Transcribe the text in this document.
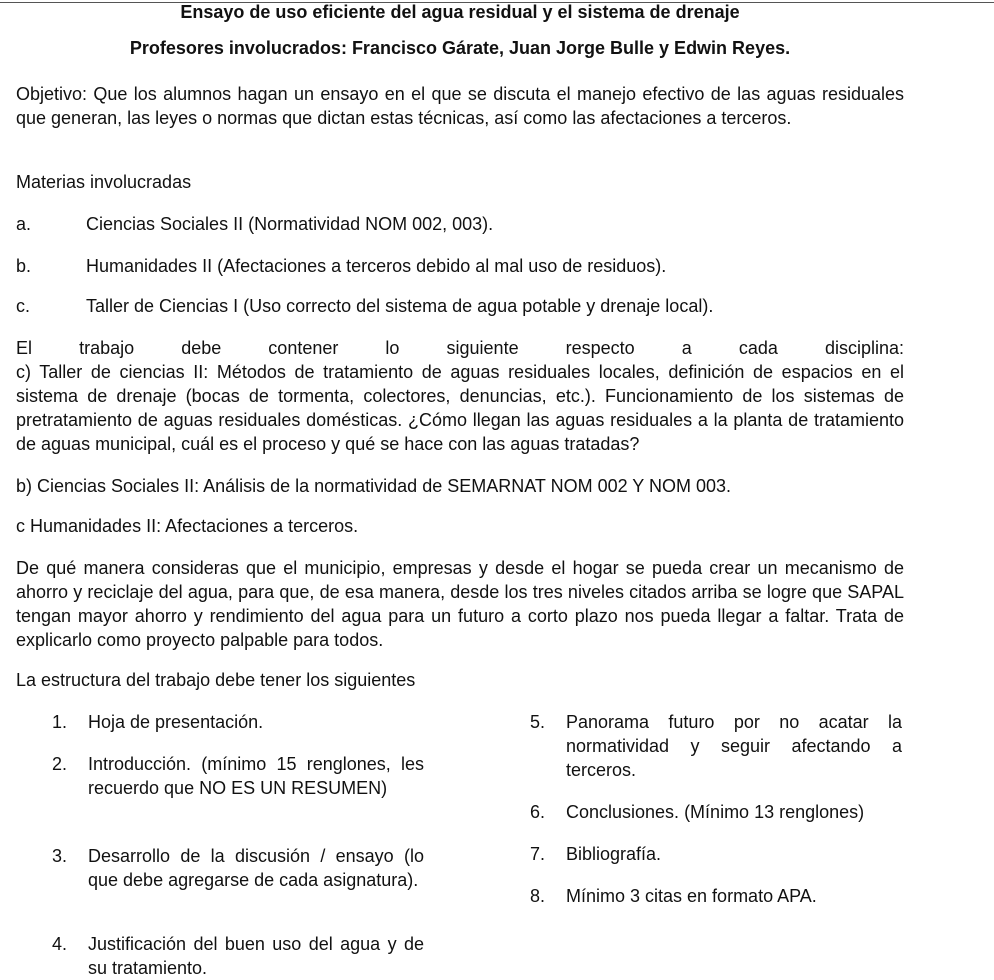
Ensayo de uso eficiente del agua residual y el sistema de drenaje
Profesores involucrados: Francisco Gárate, Juan Jorge Bulle y Edwin Reyes.
Objetivo: Que los alumnos hagan un ensayo en el que se discuta el manejo efectivo de las aguas residuales que generan, las leyes o normas que dictan estas técnicas, así como las afectaciones a terceros.
Materias involucradas
a.	Ciencias Sociales II (Normatividad NOM 002, 003).
b.	Humanidades II (Afectaciones a terceros debido al mal uso de residuos).
c.	Taller de Ciencias I (Uso correcto del sistema de agua potable y drenaje local).
El trabajo debe contener lo siguiente respecto a cada disciplina:
c) Taller de ciencias II: Métodos de tratamiento de aguas residuales locales, definición de espacios en el sistema de drenaje (bocas de tormenta, colectores, denuncias, etc.). Funcionamiento de los sistemas de pretratamiento de aguas residuales domésticas. ¿Cómo llegan las aguas residuales a la planta de tratamiento de aguas municipal, cuál es el proceso y qué se hace con las aguas tratadas?
b) Ciencias Sociales II: Análisis de la normatividad de SEMARNAT NOM 002 Y NOM 003.
c Humanidades II: Afectaciones a terceros.
De qué manera consideras que el municipio, empresas y desde el hogar se pueda crear un mecanismo de ahorro y reciclaje del agua, para que, de esa manera, desde los tres niveles citados arriba se logre que SAPAL tengan mayor ahorro y rendimiento del agua para un futuro a corto plazo nos pueda llegar a faltar. Trata de explicarlo como proyecto palpable para todos.
La estructura del trabajo debe tener los siguientes
1.	Hoja de presentación.
2.	Introducción. (mínimo 15 renglones, les recuerdo que NO ES UN RESUMEN)
3.	Desarrollo de la discusión / ensayo (lo que debe agregarse de cada asignatura).
4.	Justificación del buen uso del agua y de su tratamiento.
5.	Panorama futuro por no acatar la normatividad y seguir afectando a terceros.
6.	Conclusiones. (Mínimo 13 renglones)
7.	Bibliografía.
8.	Mínimo 3 citas en formato APA.
